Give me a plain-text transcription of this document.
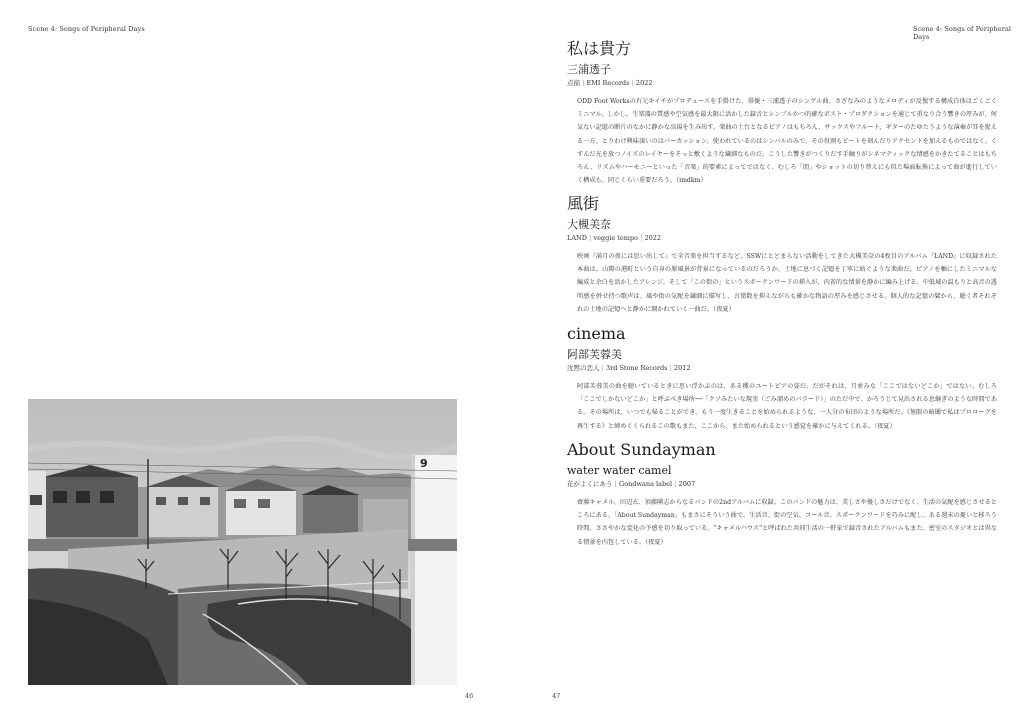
Scene 4: Songs of Peripheral Days
46
9
Scene 4: Songs of Peripheral Days
47
私は貴方
三浦透子
点描｜EMI Records｜2022
ODD Foot Worksの有元キイチがプロデュースを手掛けた、俳優・三浦透子のシングル曲。さざなみのようなメロディが反復する構成自体はごくごくミニマル。しかし、生楽器の質感や空気感を最大限に活かした録音とシンプルかつ的確なポスト・プロダクションを通じて重なり合う響きの厚みが、何気ない記憶の断片のなかに静かな高揚を生み出す。楽曲の土台となるピアノはもちろん、サックスやフルート、ギターのたゆたうような演奏が耳を捉える一方、とりわけ興味深いのはパーカッション。使われているのはシンバルのみで、その役割もビートを刻んだりアクセントを加えるものではなく、くすんだ光を放つノイズのレイヤーをそっと敷くような繊細なものだ。こうした響きがつくりだす手触りがシネマティックな情感をかきたてることはもちろん、リズムやハーモニーといった「音楽」的要素によってではなく、むしろ「間」やショットの切り替えにも似た場面転換によって曲が進行していく構成も、同じくらい重要だろう。（imdkm）
風街
大槻美奈
LAND｜veggie tempo｜2022
映画『満月の夜には思い出して』で全音楽を担当するなど、SSWにとどまらない活動をしてきた大槻美奈の4枚目のアルバム『LAND』に収録された本曲は、山際の港町という自身の原風景が背景になっているのだろうか、土地に息づく記憶を丁寧に紡ぐような楽曲だ。ピアノを軸にしたミニマルな編成と余白を活かしたアレンジ。そして「この街の」というスポークンワードの挿入が、内省的な情景を静かに編み上げる。中低域の温もりと高音の透明感を併せ持つ歌声は、風や街の気配を繊細に描写し、言葉数を抑えながらも確かな物語の厚みを感じさせる。個人的な記憶の襞から、聴く者それぞれの土地の記憶へと静かに開かれていく一曲だ。（夜夏）
cinema
阿部芙蓉美
沈黙の恋人｜3rd Stone Records｜2012
阿部芙蓉美の曲を聴いているときに思い浮かぶのは、ある種のユートピアの姿だ。だがそれは、月並みな「ここではないどこか」ではない。むしろ「ここでしかないどこか」と呼ぶべき場所──「クソみたいな現実（ごみ溜めのバラード）」のただ中で、かろうじて見出される息継ぎのような時間である。その場所は、いつでも帰ることができ、もう一度生きることを始められるような、一人分の布団のような場所だ。《無限の暗闇で私はプロローグを再生する》と締めくくられるこの歌もまた、ここから、また始められるという感覚を確かに与えてくれる。（夜夏）
About Sundayman
water water camel
花がよくにあう｜Gondwana label｜2007
齋藤キャメル、田辺玄、須藤剛志からなるバンドの2ndアルバムに収録。このバンドの魅力は、美しさや優しさだけでなく、生活の気配を感じさせるところにある。「About Sundayman」もまさにそういう曲で、生活音、街の空気、コール音、スポークンワードを巧みに配し、ある週末の憂いと移ろう時間、ささやかな変化の予感を切り取っている。"キャメルハウス"と呼ばれた共同生活の一軒家で録音されたアルバムもまた、密室のスタジオとは異なる情景を内包している。（夜夏）
